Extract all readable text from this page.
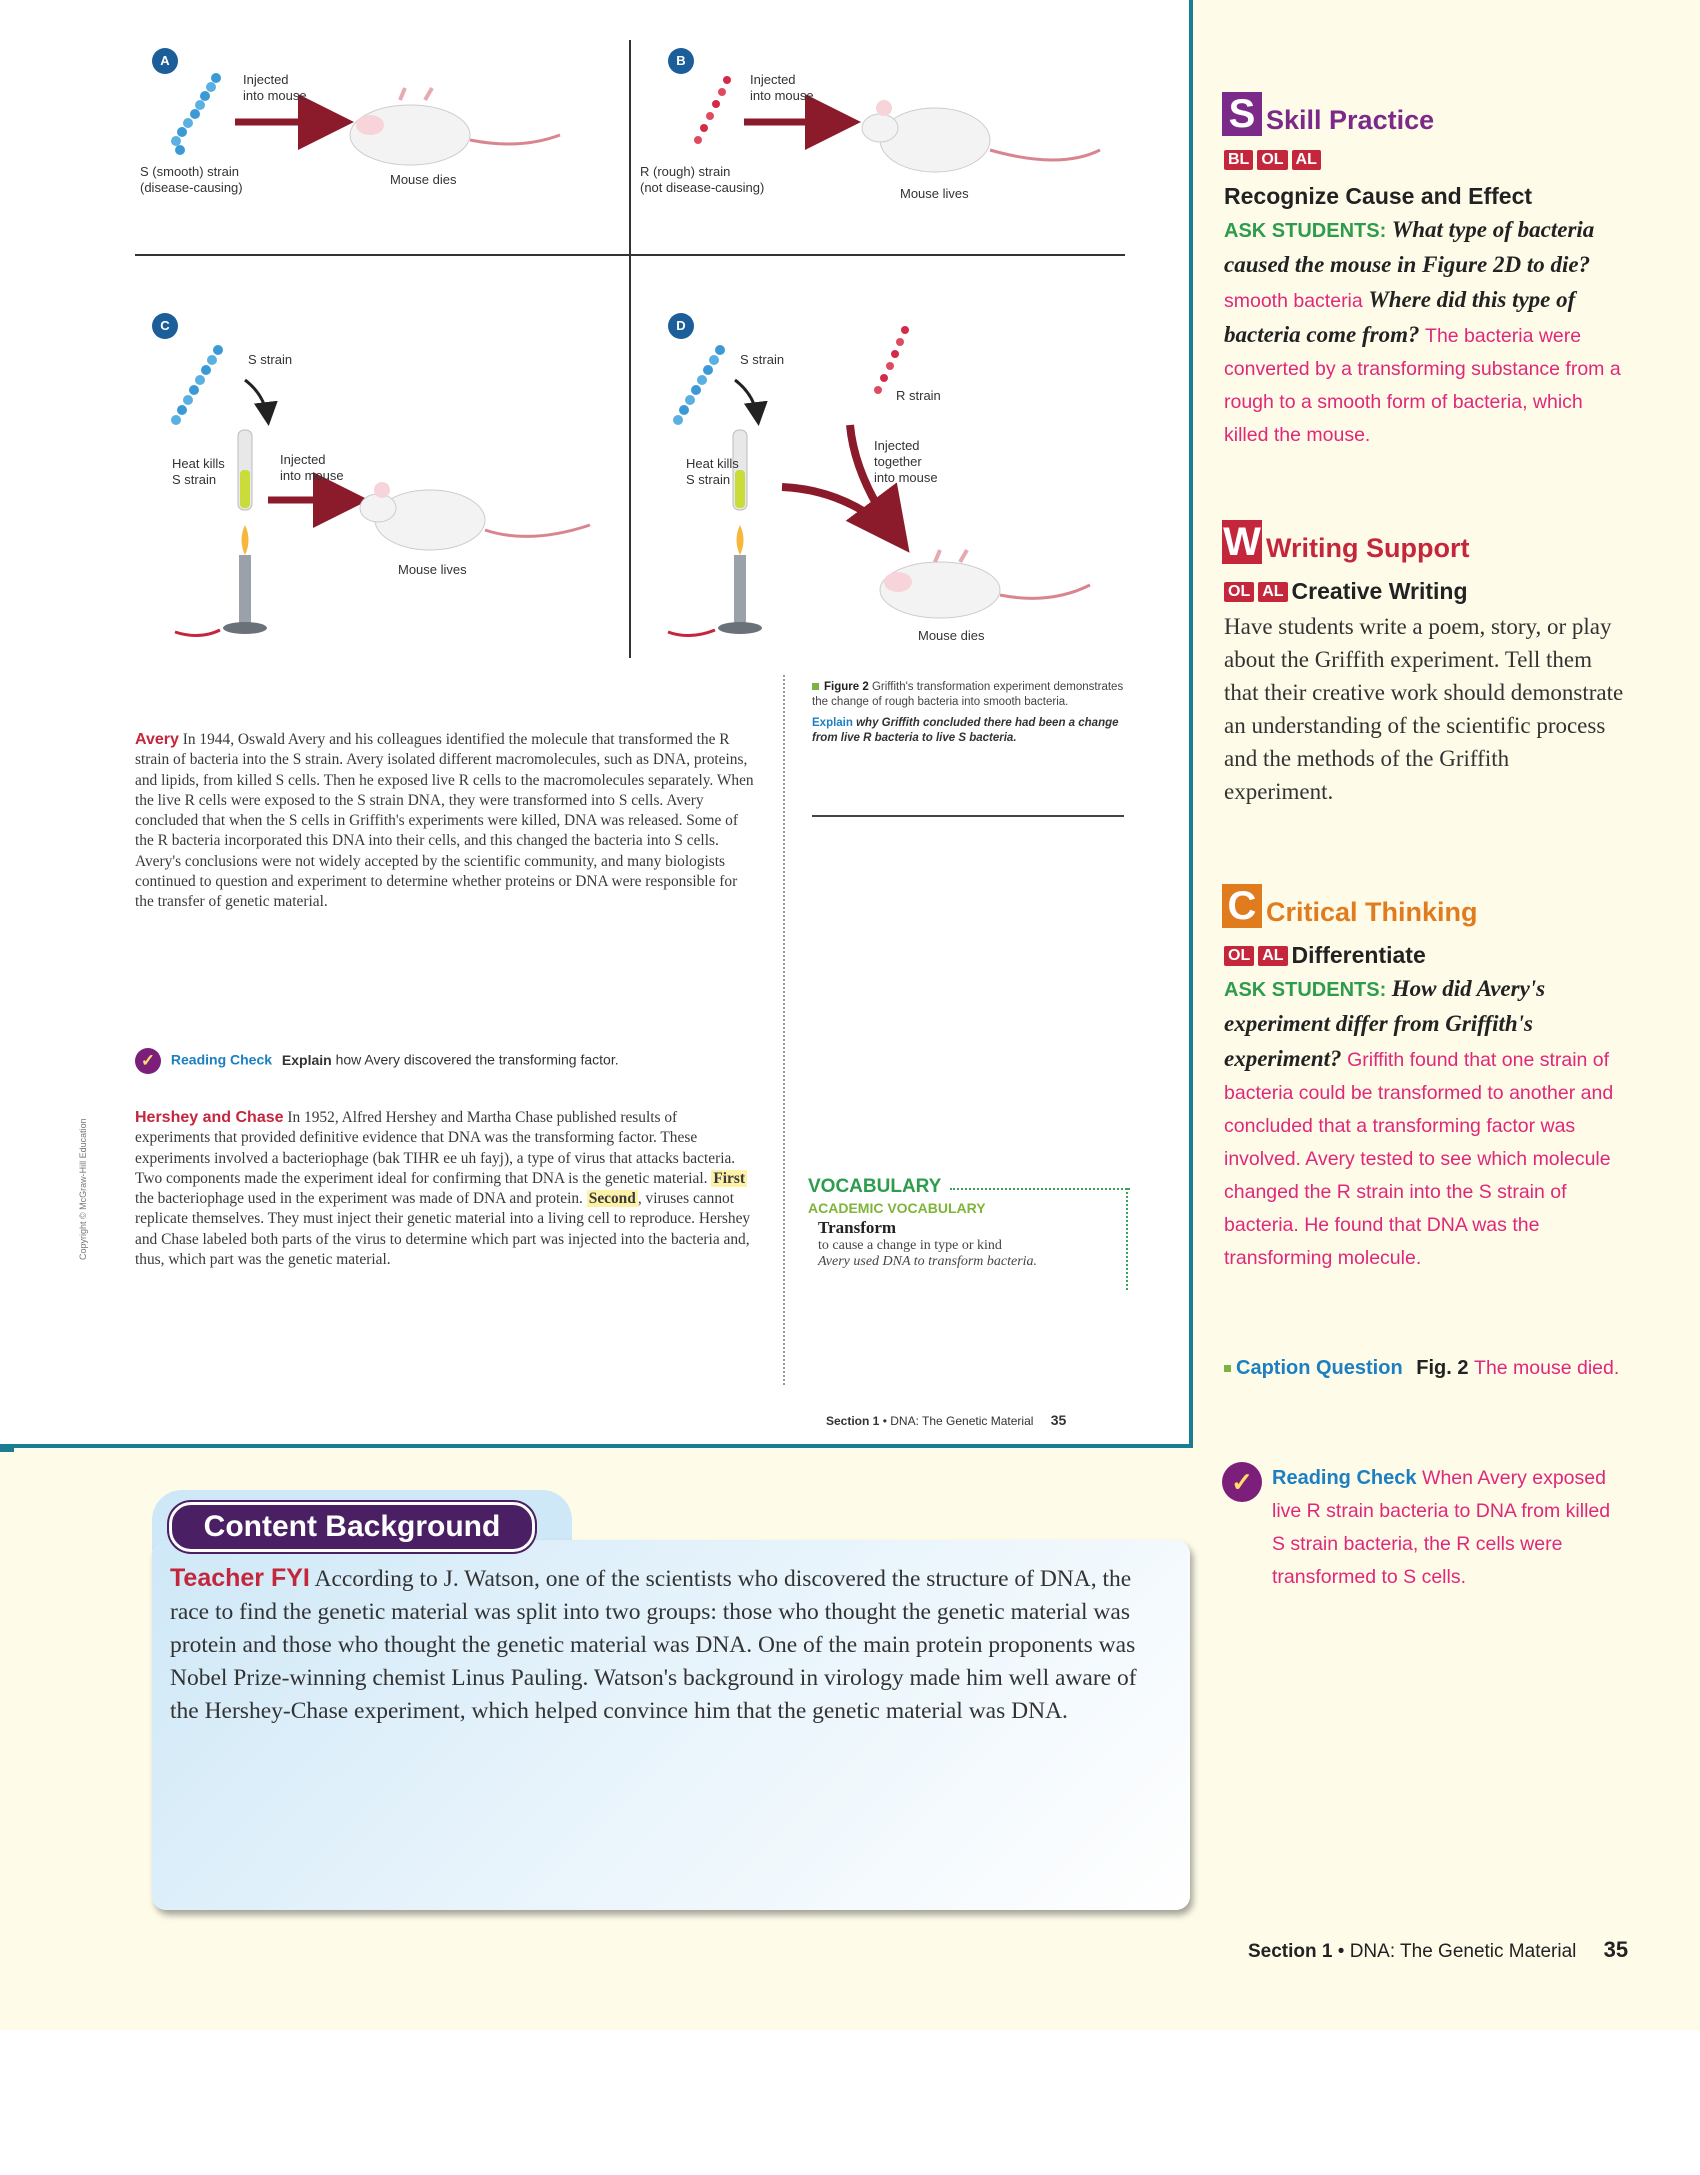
A	B
C	D
Injected
into mouse
S (smooth) strain
(disease-causing)
Mouse dies
Injected
into mouse
R (rough) strain
(not disease-causing)	Mouse lives
S strain
Heat kills
S strain
Injected
into mouse
Mouse lives
S strain
R strain
Heat kills
S strain
Injected
together
into mouse
Mouse dies
Figure 2 Griffith's transformation experiment demonstrates the change of rough bacteria into smooth bacteria.
Explain why Griffith concluded there had been a change from live R bacteria to live S bacteria.
Avery In 1944, Oswald Avery and his colleagues identified the molecule that transformed the R strain of bacteria into the S strain. Avery isolated different macromolecules, such as DNA, proteins, and lipids, from killed S cells. Then he exposed live R cells to the macromolecules separately. When the live R cells were exposed to the S strain DNA, they were transformed into S cells. Avery concluded that when the S cells in Griffith's experiments were killed, DNA was released. Some of the R bacteria incorporated this DNA into their cells, and this changed the bacteria into S cells. Avery's conclusions were not widely accepted by the scientific community, and many biologists continued to question and experiment to determine whether proteins or DNA were responsible for the transfer of genetic material.
✓ Reading Check Explain how Avery discovered the transforming factor.
Hershey and Chase In 1952, Alfred Hershey and Martha Chase published results of experiments that provided definitive evidence that DNA was the transforming factor. These experiments involved a bacteriophage (bak TIHR ee uh fayj), a type of virus that attacks bacteria. Two components made the experiment ideal for confirming that DNA is the genetic material. First the bacteriophage used in the experiment was made of DNA and protein. Second , viruses cannot replicate themselves. They must inject their genetic material into a living cell to reproduce. Hershey and Chase labeled both parts of the virus to determine which part was injected into the bacteria and, thus, which part was the genetic material.
VOCABULARY
ACADEMIC VOCABULARY
Transform
to cause a change in type or kind
Avery used DNA to transform bacteria.
Section 1 • DNA: The Genetic Material 35
Copyright © McGraw-Hill Education
S Skill Practice
BL OL AL
Recognize Cause and Effect
ASK STUDENTS: What type of bacteria caused the mouse in Figure 2D to die? smooth bacteria Where did this type of bacteria come from? The bacteria were converted by a transforming substance from a rough to a smooth form of bacteria, which killed the mouse.
W Writing Support
OL AL Creative Writing
Have students write a poem, story, or play about the Griffith experiment. Tell them that their creative work should demonstrate an understanding of the scientific process and the methods of the Griffith experiment.
C Critical Thinking
OL AL Differentiate
ASK STUDENTS: How did Avery's experiment differ from Griffith's experiment? Griffith found that one strain of bacteria could be transformed to another and concluded that a transforming factor was involved. Avery tested to see which molecule changed the R strain into the S strain of bacteria. He found that DNA was the transforming molecule.
Caption Question Fig. 2 The mouse died.
✓ Reading Check When Avery exposed live R strain bacteria to DNA from killed S strain bacteria, the R cells were transformed to S cells.
Content Background
Teacher FYI According to J. Watson, one of the scientists who discovered the structure of DNA, the race to find the genetic material was split into two groups: those who thought the genetic material was protein and those who thought the genetic material was DNA. One of the main protein proponents was Nobel Prize-winning chemist Linus Pauling. Watson's background in virology made him well aware of the Hershey-Chase experiment, which helped convince him that the genetic material was DNA.
Section 1 • DNA: The Genetic Material 35
